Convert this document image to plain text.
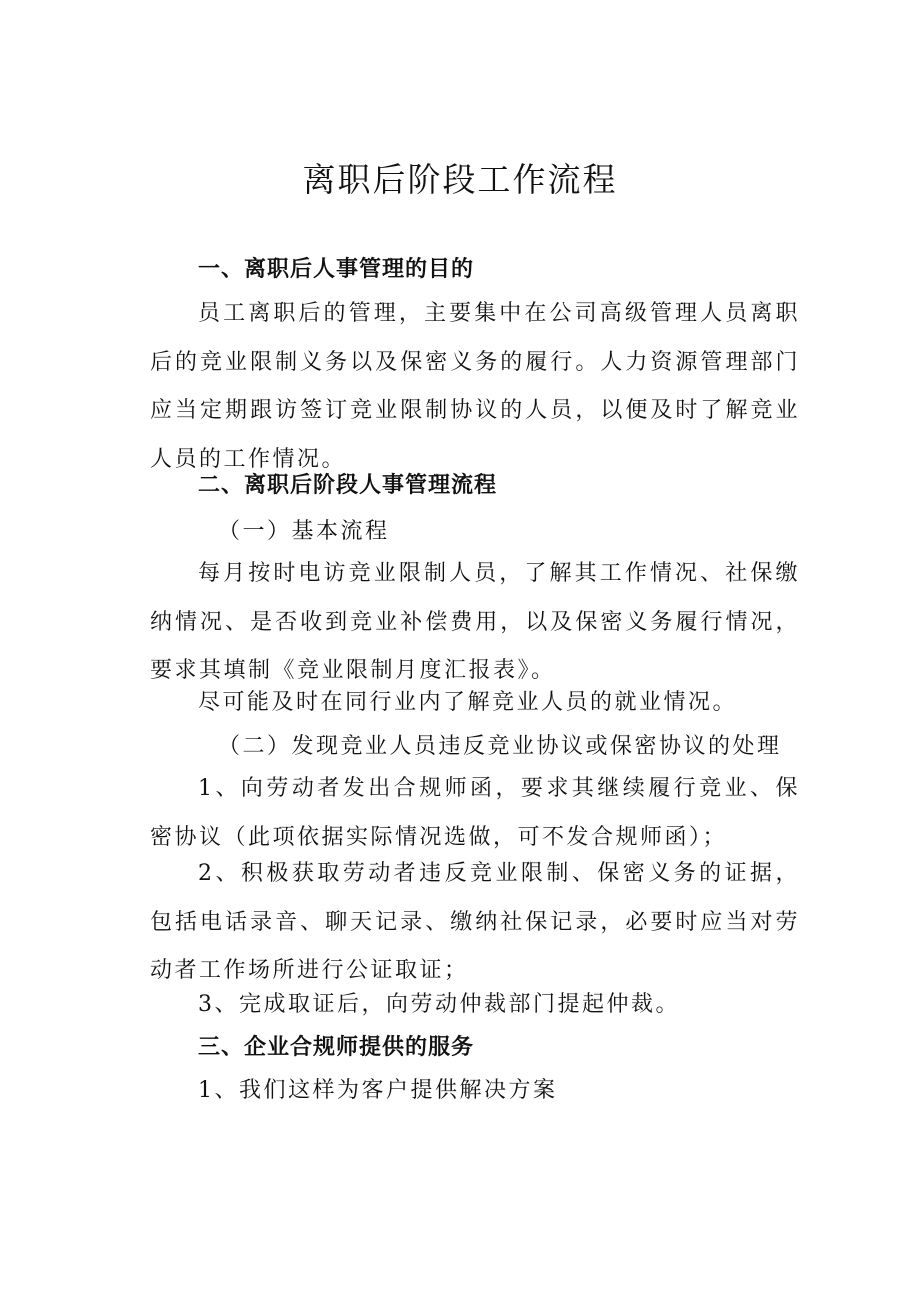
离职后阶段工作流程

一、离职后人事管理的目的

员工离职后的管理，主要集中在公司高级管理人员离职后的竞业限制义务以及保密义务的履行。人力资源管理部门应当定期跟访签订竞业限制协议的人员，以便及时了解竞业人员的工作情况。

二、离职后阶段人事管理流程

（一）基本流程

每月按时电访竞业限制人员，了解其工作情况、社保缴纳情况、是否收到竞业补偿费用，以及保密义务履行情况，要求其填制《竞业限制月度汇报表》。

尽可能及时在同行业内了解竞业人员的就业情况。

（二）发现竞业人员违反竞业协议或保密协议的处理

1、向劳动者发出合规师函，要求其继续履行竞业、保密协议（此项依据实际情况选做，可不发合规师函）；

2、积极获取劳动者违反竞业限制、保密义务的证据，包括电话录音、聊天记录、缴纳社保记录，必要时应当对劳动者工作场所进行公证取证；

3、完成取证后，向劳动仲裁部门提起仲裁。

三、企业合规师提供的服务

1、我们这样为客户提供解决方案
